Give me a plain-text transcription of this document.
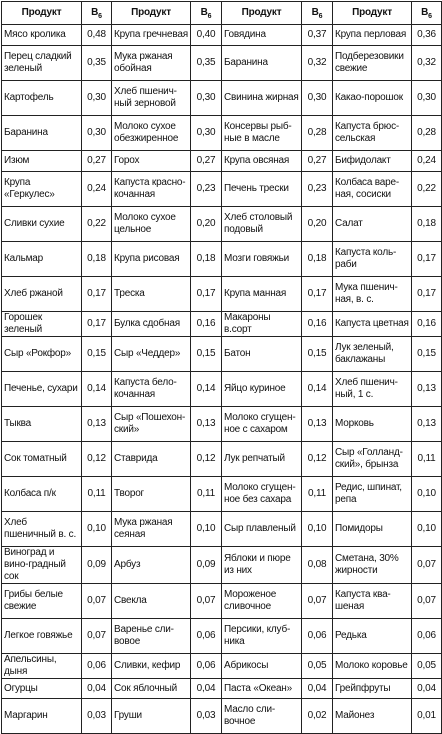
Продукт	$B_6$	Продукт	$B_6$	Продукт	$B_6$	Продукт	$B_6$
Мясо кролика	0,48	Крупа гречневая	0,40	Говядина	0,37	Крупа перловая	0,36
Перец сладкий зеленый	0,35	Мука ржаная обойная	0,35	Баранина	0,32	Подберезовики свежие	0,32
Картофель	0,30	Хлеб пшенич-ный зерновой	0,30	Свинина жирная	0,30	Какао-порошок	0,30
Баранина	0,30	Молоко сухое обезжиренное	0,30	Консервы рыб-ные в масле	0,28	Капуста брюс-сельская	0,28
Изюм	0,27	Горох	0,27	Крупа овсяная	0,27	Бифидолакт	0,24
Крупа «Геркулес»	0,24	Капуста красно-кочанная	0,23	Печень трески	0,23	Колбаса варе-ная, сосиски	0,22
Сливки сухие	0,22	Молоко сухое цельное	0,20	Хлеб столовый подовый	0,20	Салат	0,18
Кальмар	0,18	Крупа рисовая	0,18	Мозги говяжьи	0,18	Капуста коль-раби	0,17
Хлеб ржаной	0,17	Треска	0,17	Крупа манная	0,17	Мука пшенич-ная, в. с.	0,17
Горошек зеленый	0,17	Булка сдобная	0,16	Макароны в.сорт	0,16	Капуста цветная	0,16
Сыр «Рокфор»	0,15	Сыр «Чеддер»	0,15	Батон	0,15	Лук зеленый, баклажаны	0,15
Печенье, сухари	0,14	Капуста бело-кочанная	0,14	Яйцо куриное	0,14	Хлеб пшенич-ный, 1 с.	0,13
Тыква	0,13	Сыр «Пошехон-ский»	0,13	Молоко сгущен-ное с сахаром	0,13	Морковь	0,13
Сок томатный	0,12	Ставрида	0,12	Лук репчатый	0,12	Сыр «Голланд-ский», брынза	0,11
Колбаса п/к	0,11	Творог	0,11	Молоко сгущен-ное без сахара	0,11	Редис, шпинат, репа	0,10
Хлеб пшеничный в. с.	0,10	Мука ржаная сеяная	0,10	Сыр плавленый	0,10	Помидоры	0,10
Виноград и вино-градный сок	0,09	Арбуз	0,09	Яблоки и пюре из них	0,08	Сметана, 30% жирности	0,07
Грибы белые свежие	0,07	Свекла	0,07	Мороженое сливочное	0,07	Капуста ква-шеная	0,07
Легкое говяжье	0,07	Варенье сли-вовое	0,06	Персики, клуб-ника	0,06	Редька	0,06
Апельсины, дыня	0,06	Сливки, кефир	0,06	Абрикосы	0,05	Молоко коровье	0,05
Огурцы	0,04	Сок яблочный	0,04	Паста «Океан»	0,04	Грейпфруты	0,04
Маргарин	0,03	Груши	0,03	Масло сли-вочное	0,02	Майонез	0,01
